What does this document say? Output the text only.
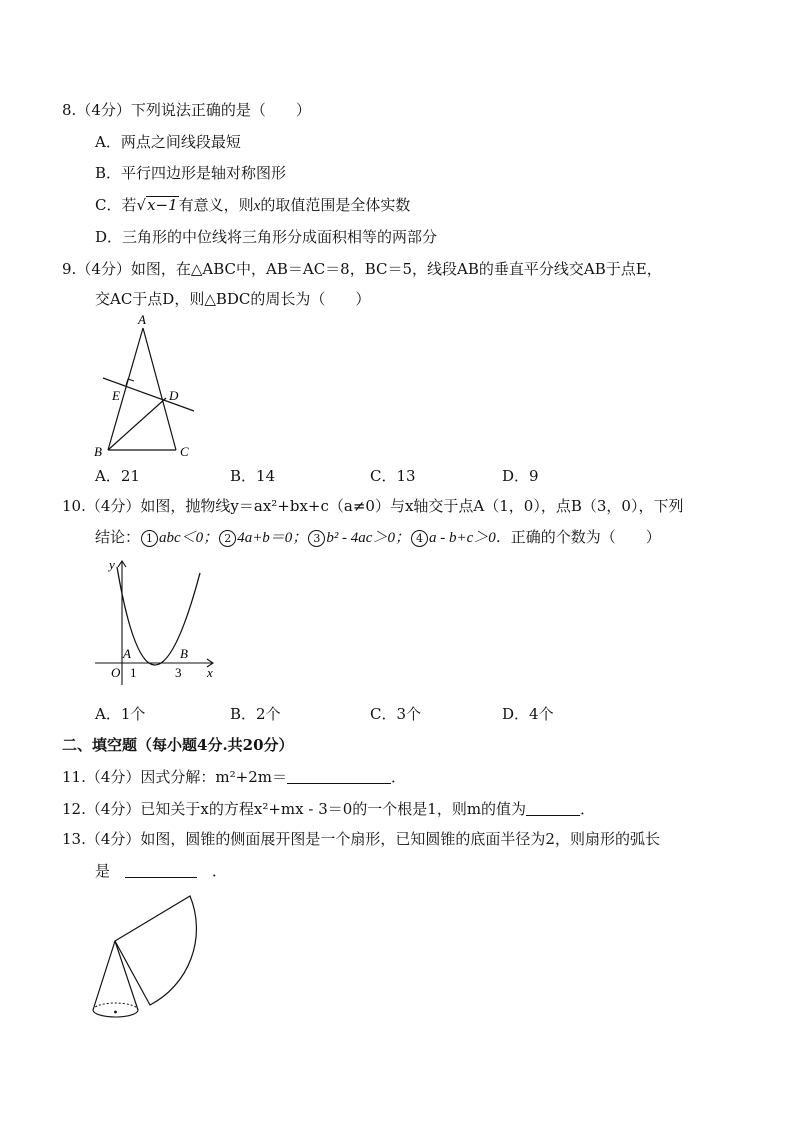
8.（4分）下列说法正确的是（　　）
A．两点之间线段最短
B．平行四边形是轴对称图形
C．若√x−1有意义，则x的取值范围是全体实数
D．三角形的中位线将三角形分成面积相等的两部分
9.（4分）如图，在△ABC中，AB＝AC＝8，BC＝5，线段AB的垂直平分线交AB于点E，
交AC于点D，则△BDC的周长为（　　）
A
E	D
B	C
A．21	B．14	C．13	D．9
10.（4分）如图，抛物线y＝ax²+bx+c（a≠0）与x轴交于点A（1，0），点B（3，0），下列
结论： 1 abc＜0； 2 4a+b＝0； 3 b² ‑ 4ac＞0； 4 a ‑ b+c＞0．正确的个数为（　　）
y
A	B
O 1	3 x
A．1个	B．2个	C．3个	D．4个
二、填空题（每小题4分.共20分）
11.（4分）因式分解：m²+2m＝	．
12.（4分）已知关于x的方程x²+mx ‑ 3＝0的一个根是1，则m的值为	．
13.（4分）如图，圆锥的侧面展开图是一个扇形，已知圆锥的底面半径为2，则扇形的弧长
是　　	．
